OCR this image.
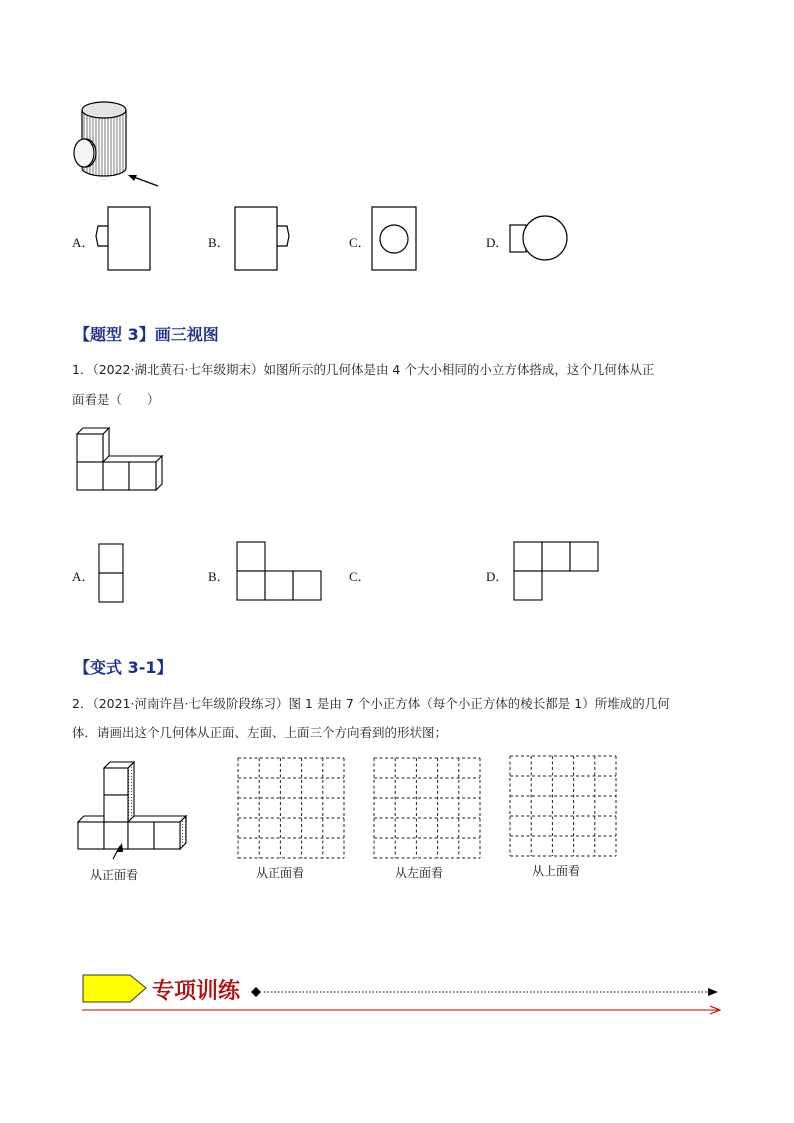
A．	B．	C．	D．
【题型 3】画三视图
1．（2022·湖北黄石·七年级期末）如图所示的几何体是由 4 个大小相同的小立方体搭成，这个几何体从正
面看是（　　）
A．	B．	C．	D．
【变式 3-1】
2．（2021·河南许昌·七年级阶段练习）图 1 是由 7 个小正方体（每个小正方体的棱长都是 1）所堆成的几何
体．请画出这个几何体从正面、左面、上面三个方向看到的形状图；
从正面看	从正面看	从左面看	从上面看
专项训练
